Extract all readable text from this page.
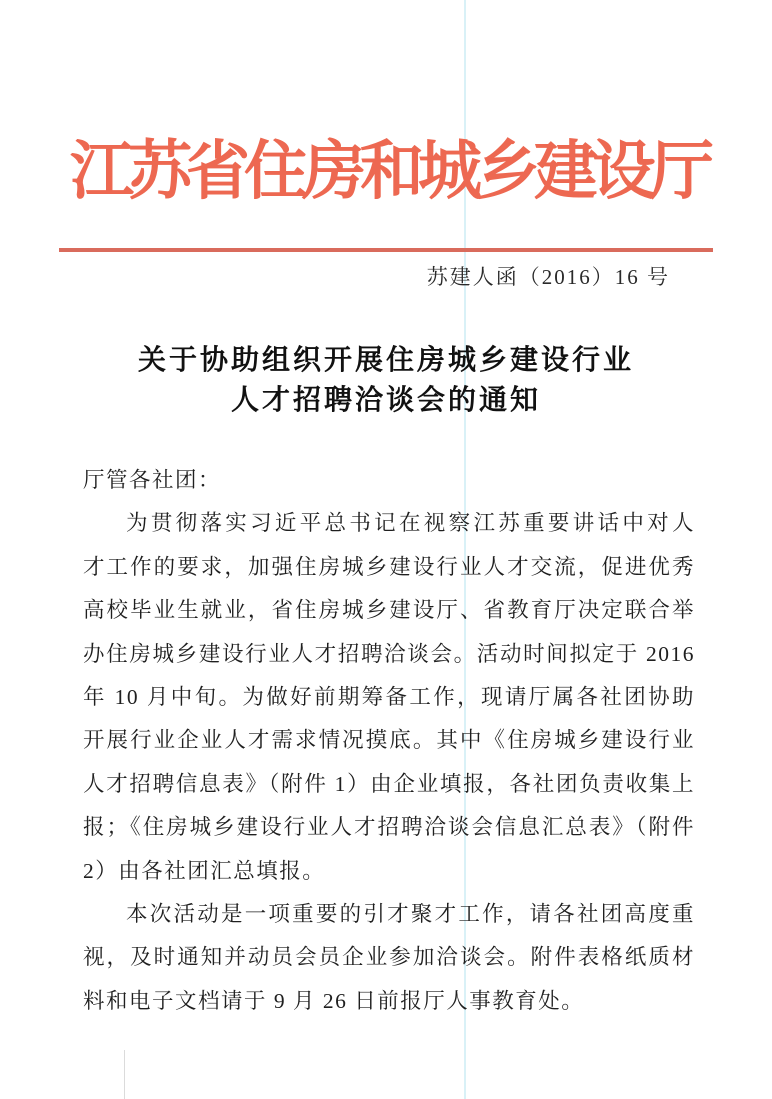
江苏省住房和城乡建设厅
苏建人函（2016）16 号
关于协助组织开展住房城乡建设行业
人才招聘洽谈会的通知
厅管各社团：
为贯彻落实习近平总书记在视察江苏重要讲话中对人
才工作的要求，加强住房城乡建设行业人才交流，促进优秀
高校毕业生就业，省住房城乡建设厅、省教育厅决定联合举
办住房城乡建设行业人才招聘洽谈会。活动时间拟定于 2016
年 10 月中旬。为做好前期筹备工作，现请厅属各社团协助
开展行业企业人才需求情况摸底。其中《住房城乡建设行业
人才招聘信息表》（附件 1）由企业填报，各社团负责收集上
报；《住房城乡建设行业人才招聘洽谈会信息汇总表》（附件
2）由各社团汇总填报。
本次活动是一项重要的引才聚才工作，请各社团高度重
视，及时通知并动员会员企业参加洽谈会。附件表格纸质材
料和电子文档请于 9 月 26 日前报厅人事教育处。
